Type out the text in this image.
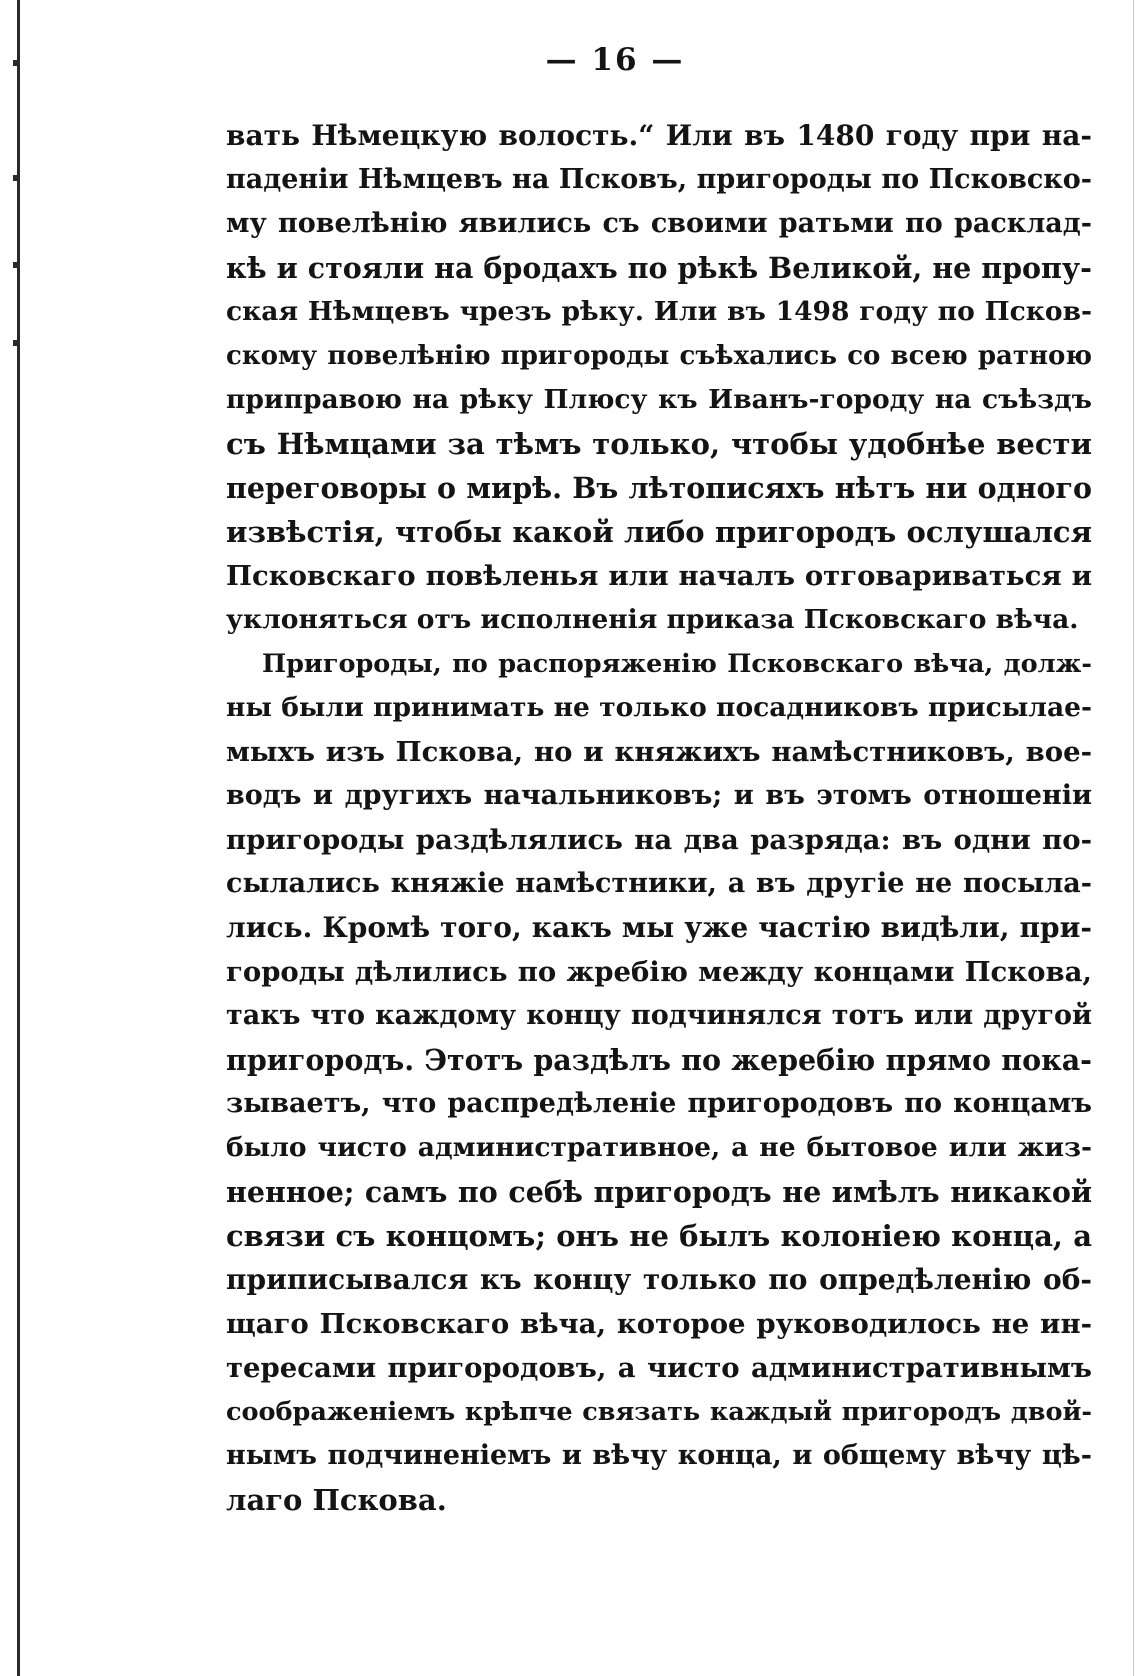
— 16 —
вать Нѣмецкую волость.“ Или въ 1480 году при на-
паденіи Нѣмцевъ на Псковъ, пригороды по Псковско-
му повелѣнію явились съ своими ратьми по расклад-
кѣ и стояли на бродахъ по рѣкѣ Великой, не пропу-
ская Нѣмцевъ чрезъ рѣку. Или въ 1498 году по Псков-
скому повелѣнію пригороды съѣхались со всею ратною
приправою на рѣку Плюсу къ Иванъ-городу на съѣздъ
съ Нѣмцами за тѣмъ только, чтобы удобнѣе вести
переговоры о мирѣ. Въ лѣтописяхъ нѣтъ ни одного
извѣстія, чтобы какой либо пригородъ ослушался
Псковскаго повѣленья или началъ отговариваться и
уклоняться отъ исполненія приказа Псковскаго вѣча.
Пригороды, по распоряженію Псковскаго вѣча, долж-
ны были принимать не только посадниковъ присылае-
мыхъ изъ Пскова, но и княжихъ намѣстниковъ, вое-
водъ и другихъ начальниковъ; и въ этомъ отношеніи
пригороды раздѣлялись на два разряда: въ одни по-
сылались княжіе намѣстники, а въ другіе не посыла-
лись. Кромѣ того, какъ мы уже частію видѣли, при-
городы дѣлились по жребію между концами Пскова,
такъ что каждому концу подчинялся тотъ или другой
пригородъ. Этотъ раздѣлъ по жеребію прямо пока-
зываетъ, что распредѣленіе пригородовъ по концамъ
было чисто административное, а не бытовое или жиз-
ненное; самъ по себѣ пригородъ не имѣлъ никакой
связи съ концомъ; онъ не былъ колоніею конца, а
приписывался къ концу только по опредѣленію об-
щаго Псковскаго вѣча, которое руководилось не ин-
тересами пригородовъ, а чисто административнымъ
соображеніемъ крѣпче связать каждый пригородъ двой-
нымъ подчиненіемъ и вѣчу конца, и общему вѣчу цѣ-
лаго Пскова.
